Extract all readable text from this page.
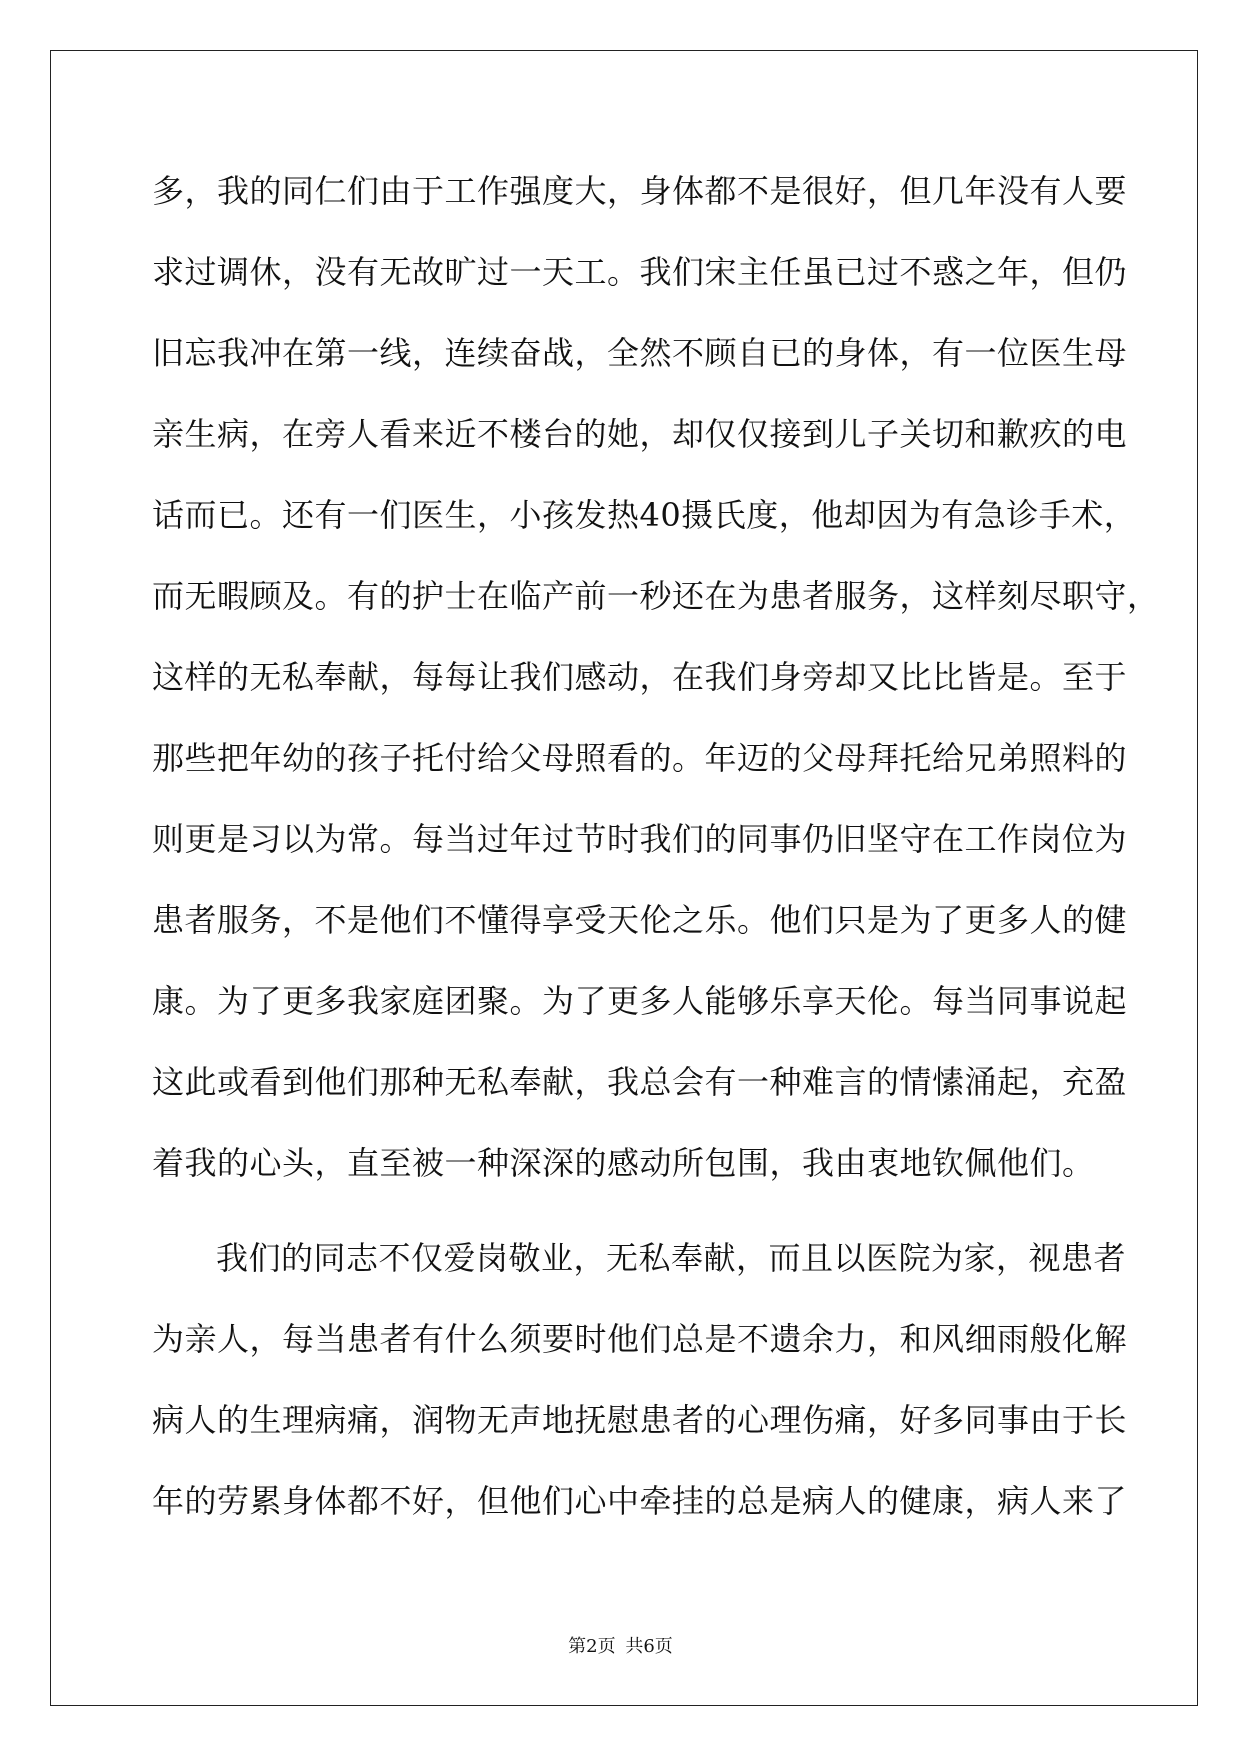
多，我的同仁们由于工作强度大，身体都不是很好，但几年没有人要
求过调休，没有无故旷过一天工。我们宋主任虽已过不惑之年，但仍
旧忘我冲在第一线，连续奋战，全然不顾自已的身体，有一位医生母
亲生病，在旁人看来近不楼台的她，却仅仅接到儿子关切和歉疚的电
话而已。还有一们医生，小孩发热40摄氏度，他却因为有急诊手术，
而无暇顾及。有的护士在临产前一秒还在为患者服务，这样刻尽职守，
这样的无私奉献，每每让我们感动，在我们身旁却又比比皆是。至于
那些把年幼的孩子托付给父母照看的。年迈的父母拜托给兄弟照料的
则更是习以为常。每当过年过节时我们的同事仍旧坚守在工作岗位为
患者服务，不是他们不懂得享受天伦之乐。他们只是为了更多人的健
康。为了更多我家庭团聚。为了更多人能够乐享天伦。每当同事说起
这此或看到他们那种无私奉献，我总会有一种难言的情愫涌起，充盈
着我的心头，直至被一种深深的感动所包围，我由衷地钦佩他们。
我们的同志不仅爱岗敬业，无私奉献，而且以医院为家，视患者
为亲人，每当患者有什么须要时他们总是不遗余力，和风细雨般化解
病人的生理病痛，润物无声地抚慰患者的心理伤痛，好多同事由于长
年的劳累身体都不好，但他们心中牵挂的总是病人的健康，病人来了
第2页 共6页
